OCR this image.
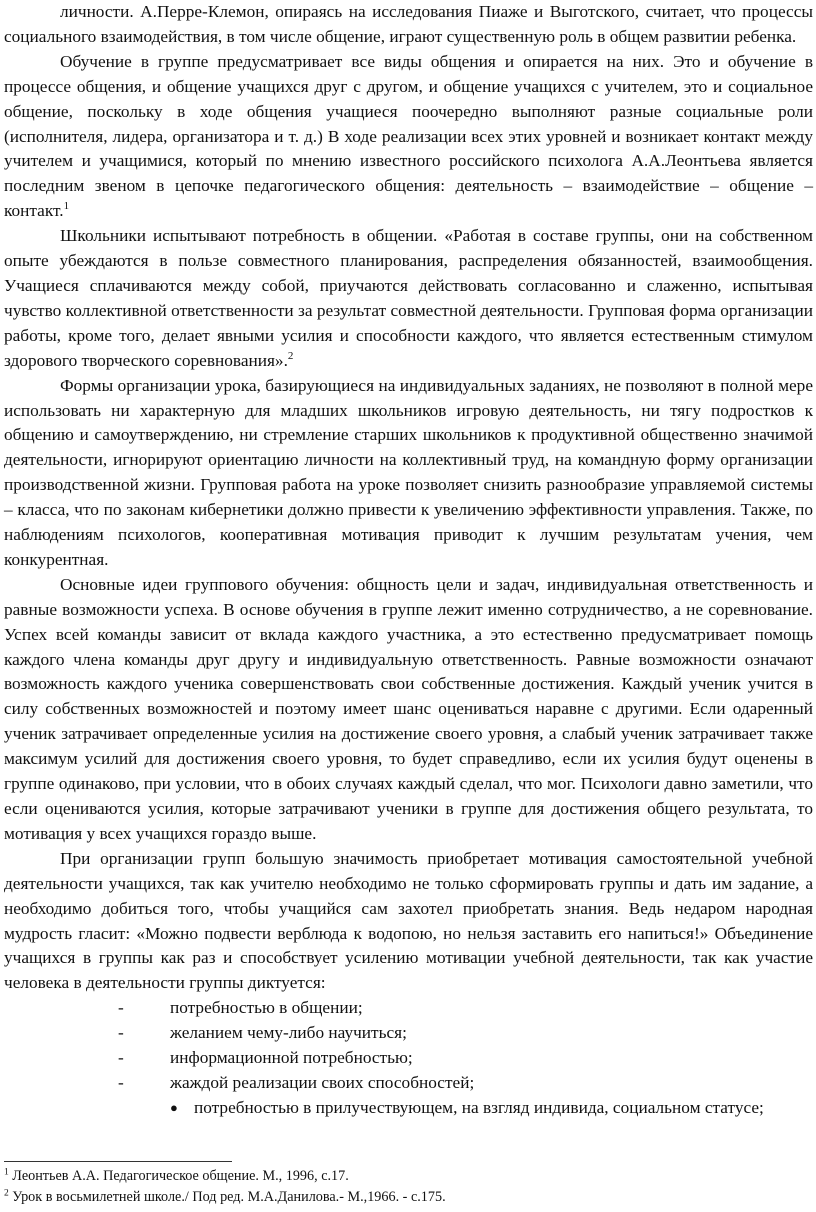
личности. А.Перре-Клемон, опираясь на исследования Пиаже и Выготского, считает, что процессы социального взаимодействия, в том числе общение, играют существенную роль в общем развитии ребенка.

Обучение в группе предусматривает все виды общения и опирается на них. Это и обучение в процессе общения, и общение учащихся друг с другом, и общение учащихся с учителем, это и социальное общение, поскольку в ходе общения учащиеся поочередно выполняют разные социальные роли (исполнителя, лидера, организатора и т. д.) В ходе реализации всех этих уровней и возникает контакт между учителем и учащимися, который по мнению известного российского психолога А.А.Леонтьева является последним звеном в цепочке педагогического общения: деятельность – взаимодействие – общение – контакт.$^1$

Школьники испытывают потребность в общении. «Работая в составе группы, они на собственном опыте убеждаются в пользе совместного планирования, распределения обязанностей, взаимообщения. Учащиеся сплачиваются между собой, приучаются действовать согласованно и слаженно, испытывая чувство коллективной ответственности за результат совместной деятельности. Групповая форма организации работы, кроме того, делает явными усилия и способности каждого, что является естественным стимулом здорового творческого соревнования».$^2$

Формы организации урока, базирующиеся на индивидуальных заданиях, не позволяют в полной мере использовать ни характерную для младших школьников игровую деятельность, ни тягу подростков к общению и самоутверждению, ни стремление старших школьников к продуктивной общественно значимой деятельности, игнорируют ориентацию личности на коллективный труд, на командную форму организации производственной жизни. Групповая работа на уроке позволяет снизить разнообразие управляемой системы – класса, что по законам кибернетики должно привести к увеличению эффективности управления. Также, по наблюдениям психологов, кооперативная мотивация приводит к лучшим результатам учения, чем конкурентная.

Основные идеи группового обучения: общность цели и задач, индивидуальная ответственность и равные возможности успеха. В основе обучения в группе лежит именно сотрудничество, а не соревнование. Успех всей команды зависит от вклада каждого участника, а это естественно предусматривает помощь каждого члена команды друг другу и индивидуальную ответственность. Равные возможности означают возможность каждого ученика совершенствовать свои собственные достижения. Каждый ученик учится в силу собственных возможностей и поэтому имеет шанс оцениваться наравне с другими. Если одаренный ученик затрачивает определенные усилия на достижение своего уровня, а слабый ученик затрачивает также максимум усилий для достижения своего уровня, то будет справедливо, если их усилия будут оценены в группе одинаково, при условии, что в обоих случаях каждый сделал, что мог. Психологи давно заметили, что если оцениваются усилия, которые затрачивают ученики в группе для достижения общего результата, то мотивация у всех учащихся гораздо выше.

При организации групп большую значимость приобретает мотивация самостоятельной учебной деятельности учащихся, так как учителю необходимо не только сформировать группы и дать им задание, а необходимо добиться того, чтобы учащийся сам захотел приобретать знания. Ведь недаром народная мудрость гласит: «Можно подвести верблюда к водопою, но нельзя заставить его напиться!» Объединение учащихся в группы как раз и способствует усилению мотивации учебной деятельности, так как участие человека в деятельности группы диктуется:

-	потребностью в общении;
-	желанием чему-либо научиться;
-	информационной потребностью;
-	жаждой реализации своих способностей;
● потребностью в прилучествующем, на взгляд индивида, социальном статусе;
$^1$ Леонтьев А.А. Педагогическое общение. М., 1996, с.17.
$^2$ Урок в восьмилетней школе./ Под ред. М.А.Данилова.- М.,1966. - с.175.
